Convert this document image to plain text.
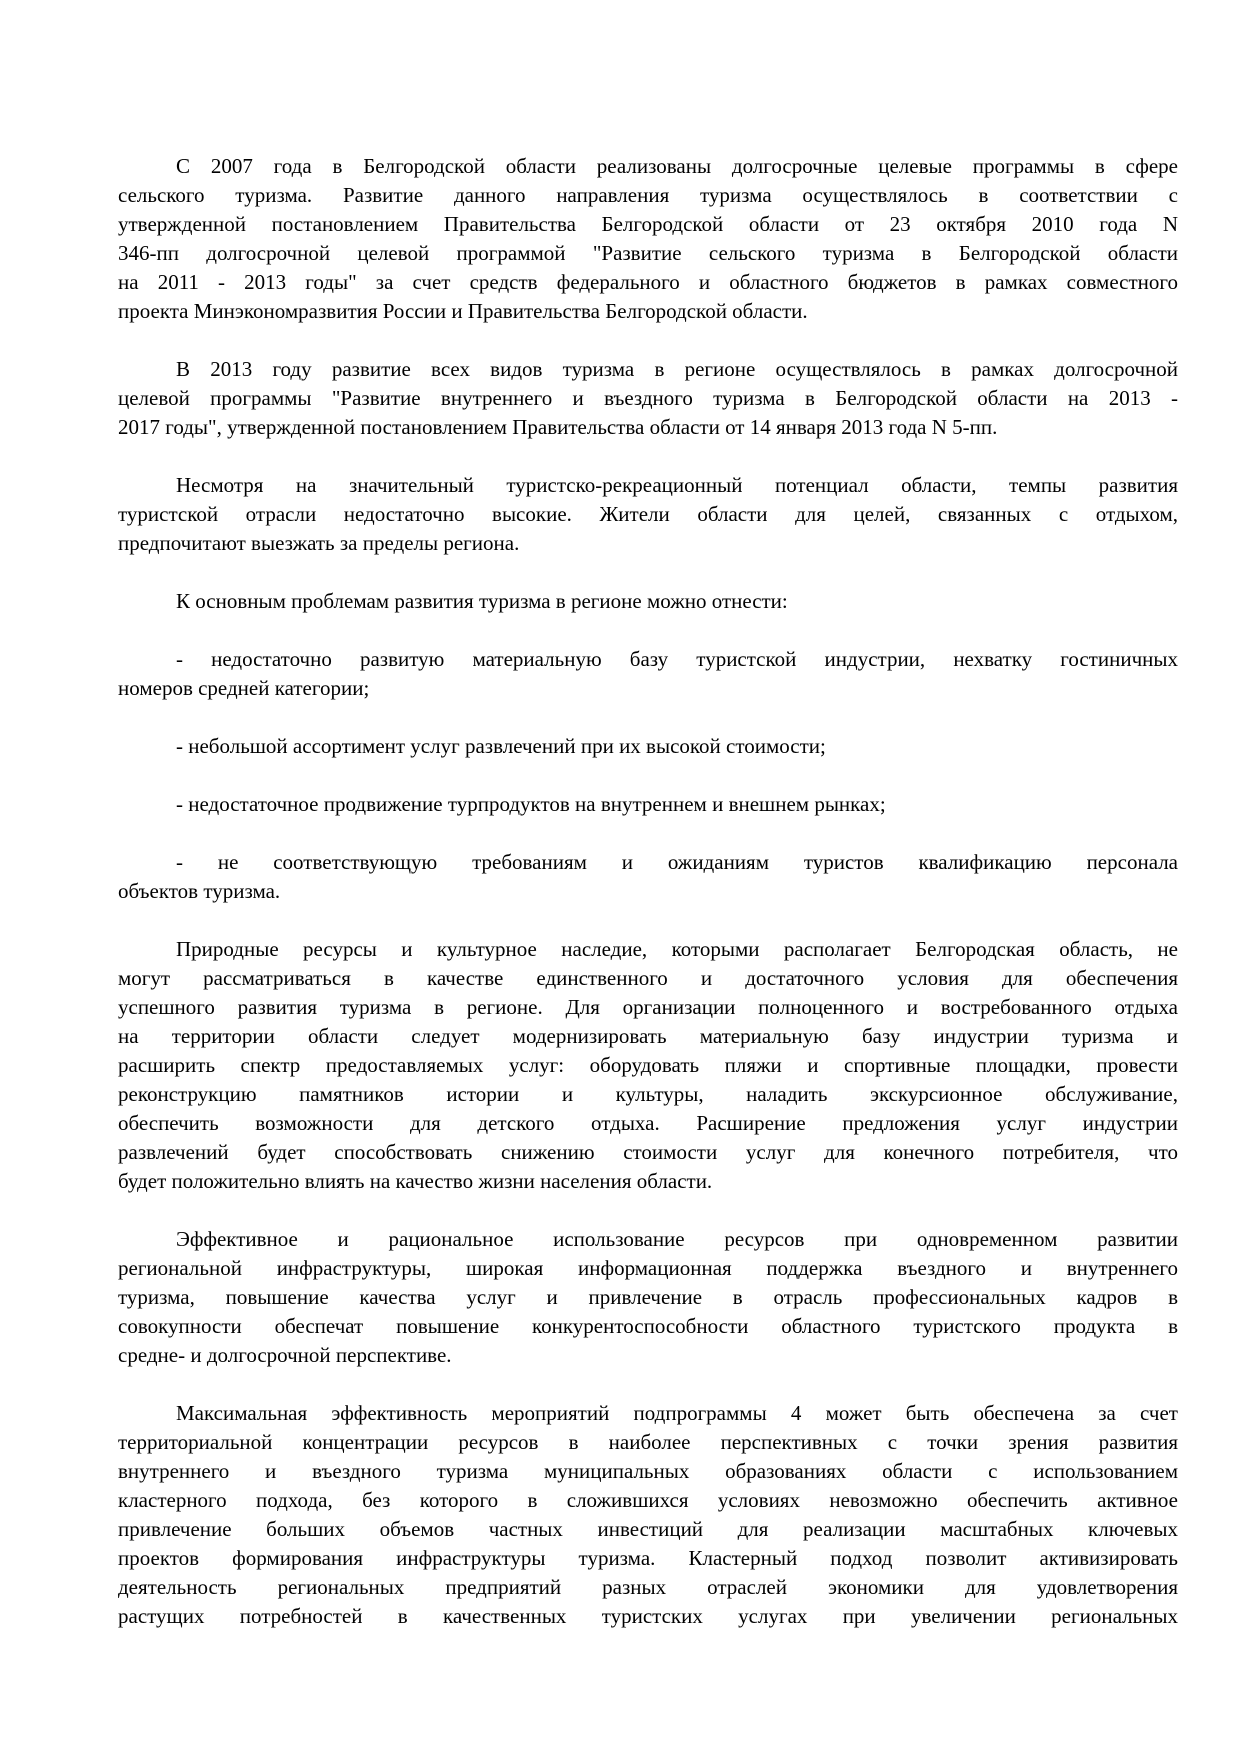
С 2007 года в Белгородской области реализованы долгосрочные целевые программы в сфере
сельского туризма. Развитие данного направления туризма осуществлялось в соответствии с
утвержденной постановлением Правительства Белгородской области от 23 октября 2010 года N
346-пп долгосрочной целевой программой "Развитие сельского туризма в Белгородской области
на 2011 - 2013 годы" за счет средств федерального и областного бюджетов в рамках совместного
проекта Минэкономразвития России и Правительства Белгородской области.
В 2013 году развитие всех видов туризма в регионе осуществлялось в рамках долгосрочной
целевой программы "Развитие внутреннего и въездного туризма в Белгородской области на 2013 -
2017 годы", утвержденной постановлением Правительства области от 14 января 2013 года N 5-пп.
Несмотря на значительный туристско-рекреационный потенциал области, темпы развития
туристской отрасли недостаточно высокие. Жители области для целей, связанных с отдыхом,
предпочитают выезжать за пределы региона.
К основным проблемам развития туризма в регионе можно отнести:
- недостаточно развитую материальную базу туристской индустрии, нехватку гостиничных
номеров средней категории;
- небольшой ассортимент услуг развлечений при их высокой стоимости;
- недостаточное продвижение турпродуктов на внутреннем и внешнем рынках;
- не соответствующую требованиям и ожиданиям туристов квалификацию персонала
объектов туризма.
Природные ресурсы и культурное наследие, которыми располагает Белгородская область, не
могут рассматриваться в качестве единственного и достаточного условия для обеспечения
успешного развития туризма в регионе. Для организации полноценного и востребованного отдыха
на территории области следует модернизировать материальную базу индустрии туризма и
расширить спектр предоставляемых услуг: оборудовать пляжи и спортивные площадки, провести
реконструкцию памятников истории и культуры, наладить экскурсионное обслуживание,
обеспечить возможности для детского отдыха. Расширение предложения услуг индустрии
развлечений будет способствовать снижению стоимости услуг для конечного потребителя, что
будет положительно влиять на качество жизни населения области.
Эффективное и рациональное использование ресурсов при одновременном развитии
региональной инфраструктуры, широкая информационная поддержка въездного и внутреннего
туризма, повышение качества услуг и привлечение в отрасль профессиональных кадров в
совокупности обеспечат повышение конкурентоспособности областного туристского продукта в
средне- и долгосрочной перспективе.
Максимальная эффективность мероприятий подпрограммы 4 может быть обеспечена за счет
территориальной концентрации ресурсов в наиболее перспективных с точки зрения развития
внутреннего и въездного туризма муниципальных образованиях области с использованием
кластерного подхода, без которого в сложившихся условиях невозможно обеспечить активное
привлечение больших объемов частных инвестиций для реализации масштабных ключевых
проектов формирования инфраструктуры туризма. Кластерный подход позволит активизировать
деятельность региональных предприятий разных отраслей экономики для удовлетворения
растущих потребностей в качественных туристских услугах при увеличении региональных
